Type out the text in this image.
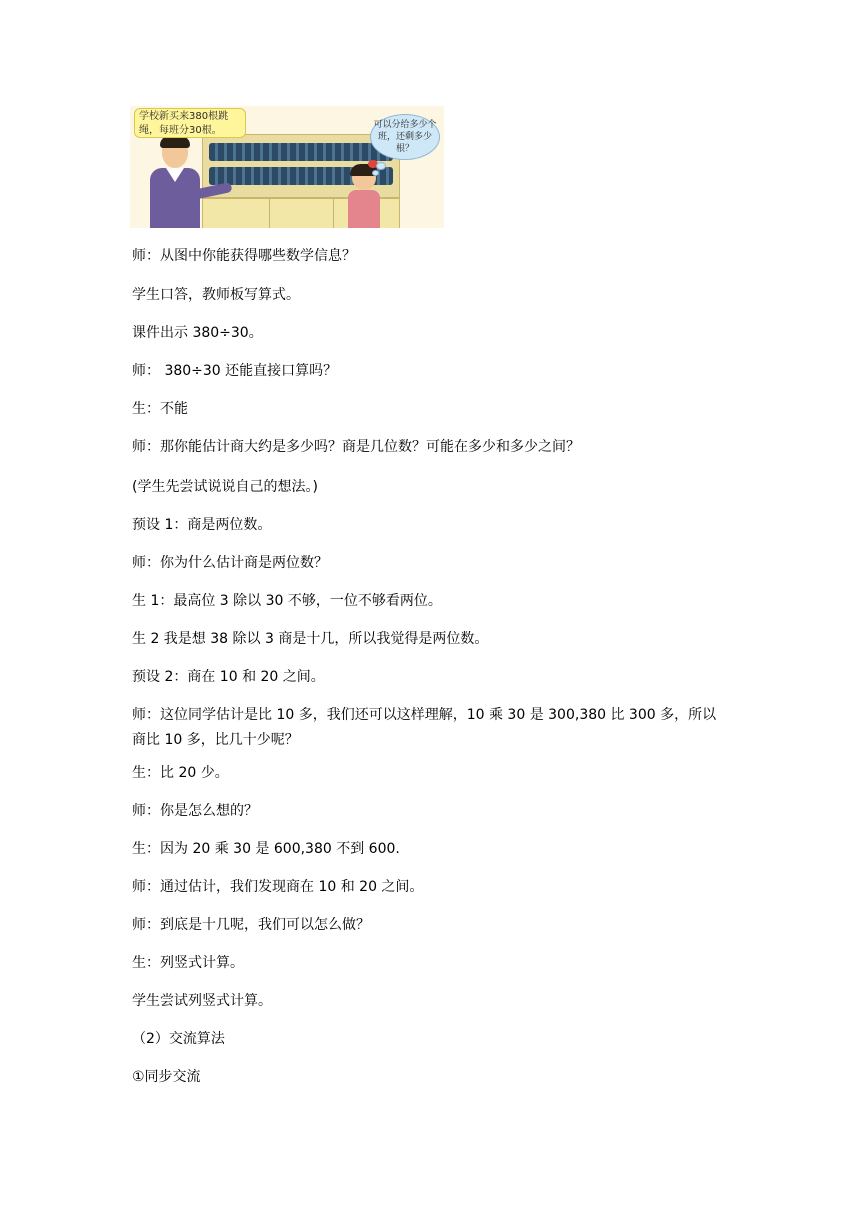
学校新买来380根跳绳，每班分30根。	可以分给多少个班，还剩多少根？
师：从图中你能获得哪些数学信息？
学生口答，教师板写算式。
课件出示 380÷30。
师： 380÷30 还能直接口算吗？
生：不能
师：那你能估计商大约是多少吗？商是几位数？可能在多少和多少之间？
(学生先尝试说说自己的想法。)
预设 1：商是两位数。
师：你为什么估计商是两位数？
生 1：最高位 3 除以 30 不够，一位不够看两位。
生 2 我是想 38 除以 3 商是十几，所以我觉得是两位数。
预设 2：商在 10 和 20 之间。
师：这位同学估计是比 10 多，我们还可以这样理解，10 乘 30 是 300,380 比 300 多，所以
商比 10 多，比几十少呢？
生：比 20 少。
师：你是怎么想的？
生：因为 20 乘 30 是 600,380 不到 600.
师：通过估计，我们发现商在 10 和 20 之间。
师：到底是十几呢，我们可以怎么做？
生：列竖式计算。
学生尝试列竖式计算。
（2）交流算法
①同步交流
